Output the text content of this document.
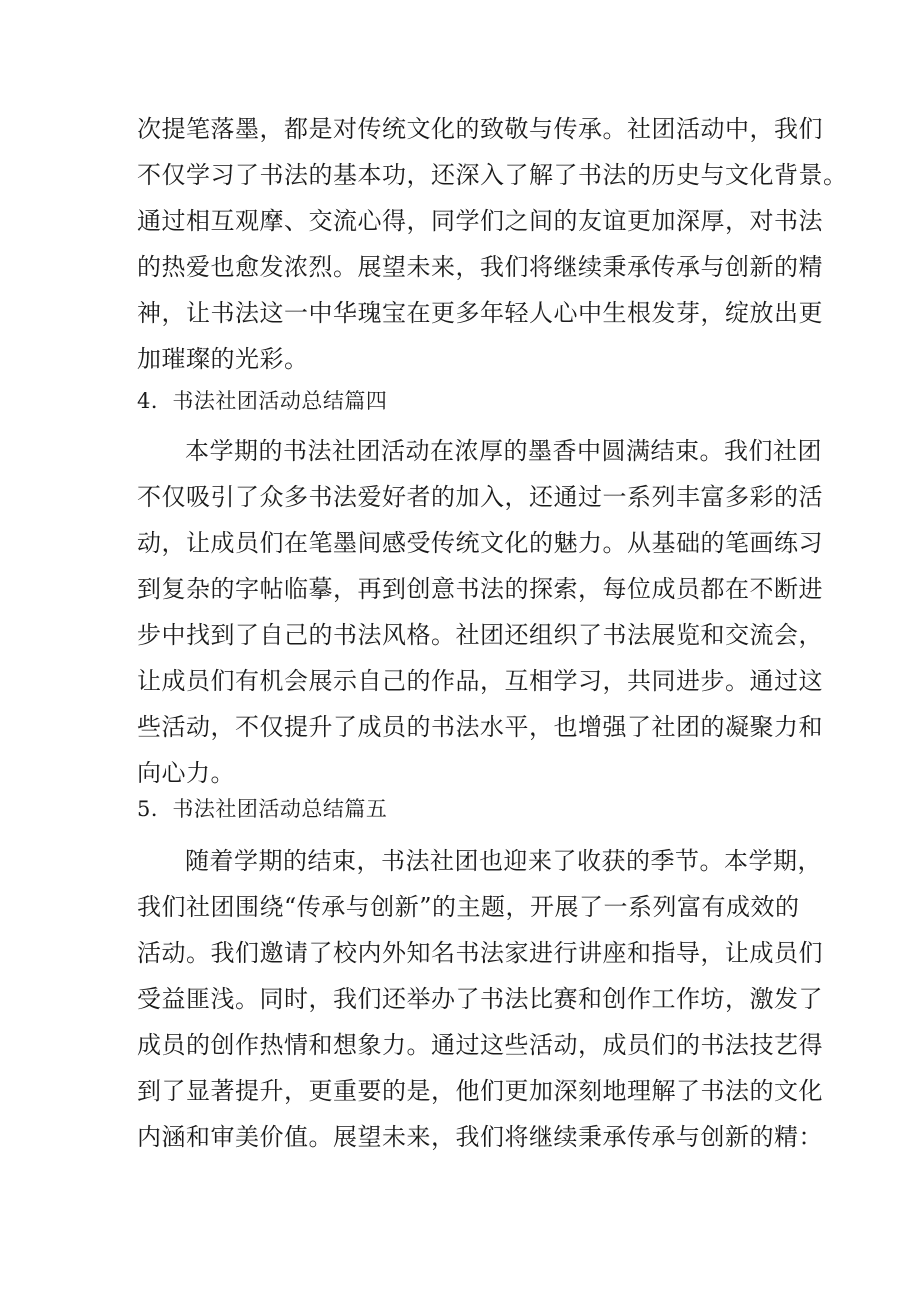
次提笔落墨，都是对传统文化的致敬与传承。社团活动中，我们
不仅学习了书法的基本功，还深入了解了书法的历史与文化背景。
通过相互观摩、交流心得，同学们之间的友谊更加深厚，对书法
的热爱也愈发浓烈。展望未来，我们将继续秉承传承与创新的精
神，让书法这一中华瑰宝在更多年轻人心中生根发芽，绽放出更
加璀璨的光彩。
4．书法社团活动总结篇四
本学期的书法社团活动在浓厚的墨香中圆满结束。我们社团
不仅吸引了众多书法爱好者的加入，还通过一系列丰富多彩的活
动，让成员们在笔墨间感受传统文化的魅力。从基础的笔画练习
到复杂的字帖临摹，再到创意书法的探索，每位成员都在不断进
步中找到了自己的书法风格。社团还组织了书法展览和交流会，
让成员们有机会展示自己的作品，互相学习，共同进步。通过这
些活动，不仅提升了成员的书法水平，也增强了社团的凝聚力和
向心力。
5．书法社团活动总结篇五
随着学期的结束，书法社团也迎来了收获的季节。本学期，
我们社团围绕“传承与创新”的主题，开展了一系列富有成效的
活动。我们邀请了校内外知名书法家进行讲座和指导，让成员们
受益匪浅。同时，我们还举办了书法比赛和创作工作坊，激发了
成员的创作热情和想象力。通过这些活动，成员们的书法技艺得
到了显著提升，更重要的是，他们更加深刻地理解了书法的文化
内涵和审美价值。展望未来，我们将继续秉承传承与创新的精：
